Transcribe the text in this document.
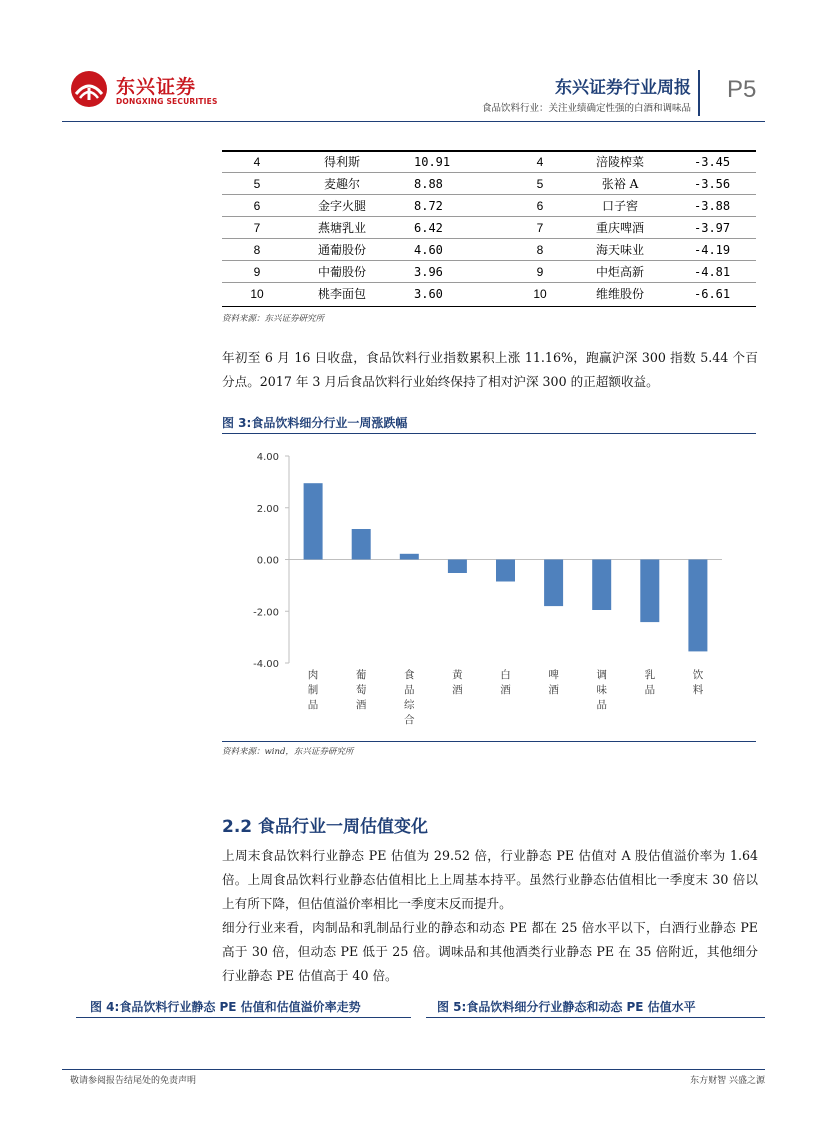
东兴证券
DONGXING SECURITIES
东兴证券行业周报
食品饮料行业：关注业绩确定性强的白酒和调味品
P5
4	得利斯	10.91	4	涪陵榨菜	-3.45
5	麦趣尔	8.88	5	张裕 A	-3.56
6	金字火腿	8.72	6	口子窖	-3.88
7	燕塘乳业	6.42	7	重庆啤酒	-3.97
8	通葡股份	4.60	8	海天味业	-4.19
9	中葡股份	3.96	9	中炬高新	-4.81
10	桃李面包	3.60	10	维维股份	-6.61
资料来源：东兴证券研究所
年初至 6 月 16 日收盘，食品饮料行业指数累积上涨 11.16%，跑赢沪深 300 指数 5.44 个百分点。2017 年 3 月后食品饮料行业始终保持了相对沪深 300 的正超额收益。
图 3:食品饮料细分行业一周涨跌幅
4.00
2.00
0.00
-2.00
-4.00
肉制品
葡萄酒
食品综合
黄酒
白酒
啤酒
调味品
乳品
饮料
资料来源：wind，东兴证券研究所
2.2 食品行业一周估值变化
上周末食品饮料行业静态 PE 估值为 29.52 倍，行业静态 PE 估值对 A 股估值溢价率为 1.64 倍。上周食品饮料行业静态估值相比上上周基本持平。虽然行业静态估值相比一季度末 30 倍以上有所下降，但估值溢价率相比一季度末反而提升。
细分行业来看，肉制品和乳制品行业的静态和动态 PE 都在 25 倍水平以下，白酒行业静态 PE 高于 30 倍，但动态 PE 低于 25 倍。调味品和其他酒类行业静态 PE 在 35 倍附近，其他细分行业静态 PE 估值高于 40 倍。
图 4:食品饮料行业静态 PE 估值和估值溢价率走势	图 5:食品饮料细分行业静态和动态 PE 估值水平
敬请参阅报告结尾处的免责声明	东方财智 兴盛之源
